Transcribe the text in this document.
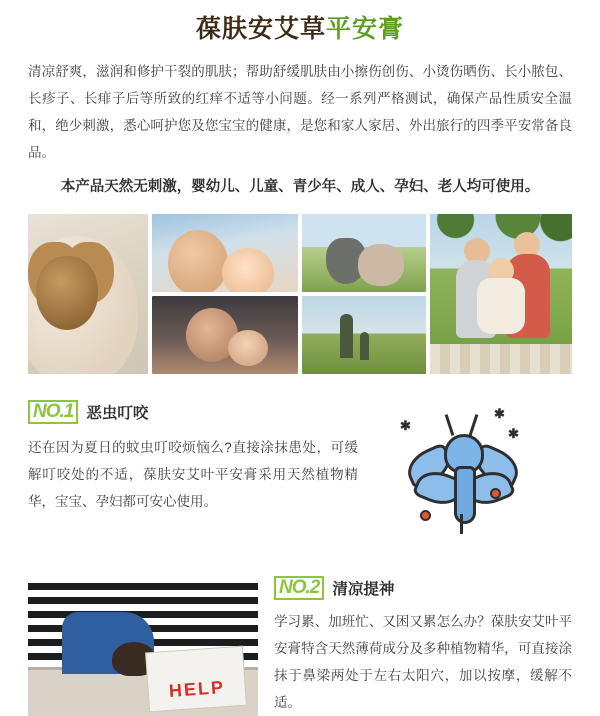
葆肤安艾草平安膏
清凉舒爽，滋润和修护干裂的肌肤；帮助舒缓肌肤由小擦伤创伤、小烫伤晒伤、长小脓包、长疹子、长痱子后等所致的红痒不适等小问题。经一系列严格测试，确保产品性质安全温和，绝少刺激，悉心呵护您及您宝宝的健康，是您和家人家居、外出旅行的四季平安常备良品。
本产品天然无刺激，婴幼儿、儿童、青少年、成人、孕妇、老人均可使用。
NO.1 恶虫叮咬
还在因为夏日的蚊虫叮咬烦恼么?直接涂抹患处，可缓解叮咬处的不适，葆肤安艾叶平安膏采用天然植物精华，宝宝、孕妇都可安心使用。
✱
✱
✱
HELP
NO.2 清凉提神
学习累、加班忙、又困又累怎么办？葆肤安艾叶平安膏特含天然薄荷成分及多种植物精华，可直接涂抹于鼻梁两处于左右太阳穴，加以按摩，缓解不适。
